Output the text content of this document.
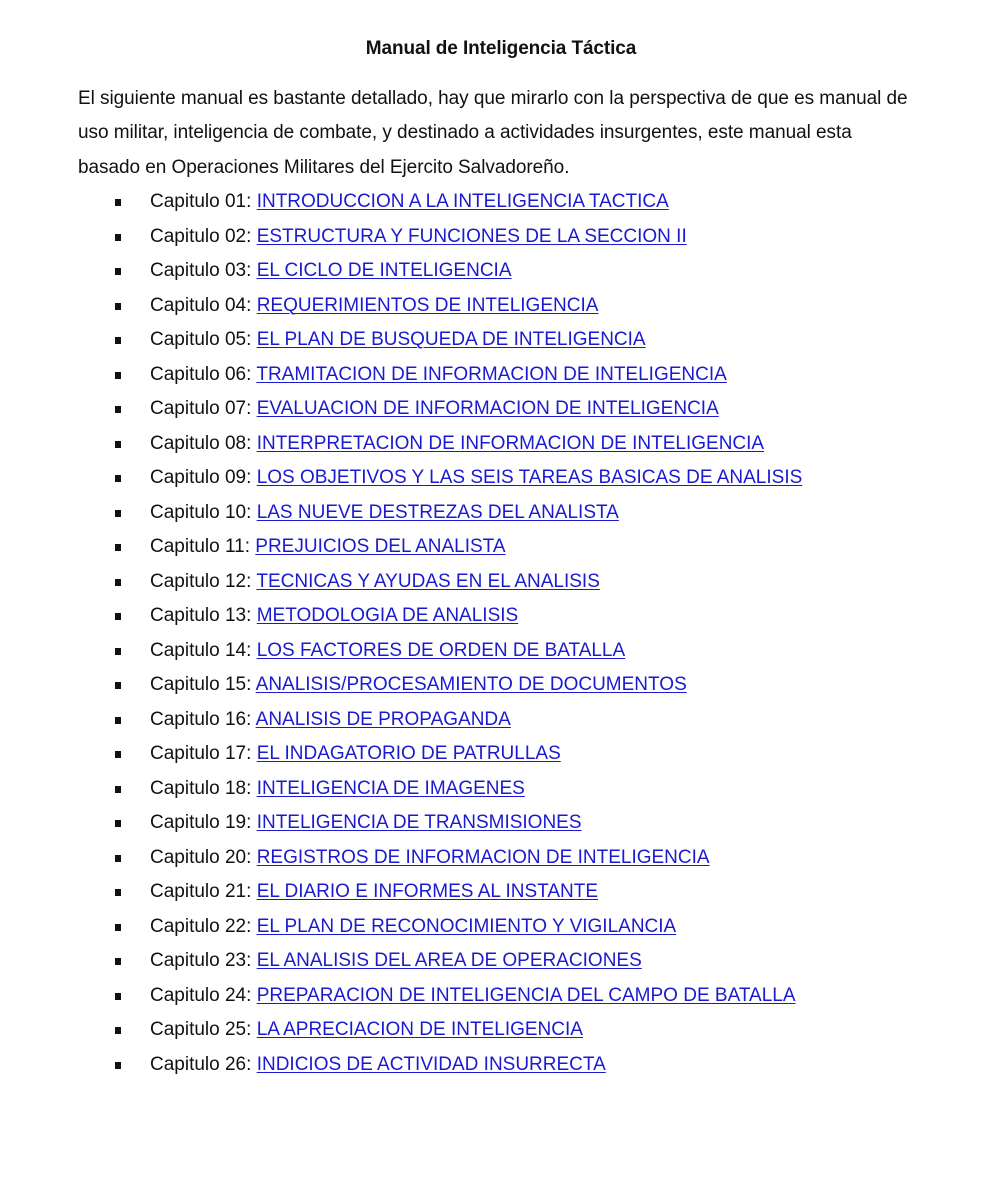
Manual de Inteligencia Táctica

El siguiente manual es bastante detallado, hay que mirarlo con la perspectiva de que es manual de uso militar, inteligencia de combate, y destinado a actividades insurgentes, este manual esta basado en Operaciones Militares del Ejercito Salvadoreño.

Capitulo 01: INTRODUCCION A LA INTELIGENCIA TACTICA
Capitulo 02: ESTRUCTURA Y FUNCIONES DE LA SECCION II
Capitulo 03: EL CICLO DE INTELIGENCIA
Capitulo 04: REQUERIMIENTOS DE INTELIGENCIA
Capitulo 05: EL PLAN DE BUSQUEDA DE INTELIGENCIA
Capitulo 06: TRAMITACION DE INFORMACION DE INTELIGENCIA
Capitulo 07: EVALUACION DE INFORMACION DE INTELIGENCIA
Capitulo 08: INTERPRETACION DE INFORMACION DE INTELIGENCIA
Capitulo 09: LOS OBJETIVOS Y LAS SEIS TAREAS BASICAS DE ANALISIS
Capitulo 10: LAS NUEVE DESTREZAS DEL ANALISTA
Capitulo 11: PREJUICIOS DEL ANALISTA
Capitulo 12: TECNICAS Y AYUDAS EN EL ANALISIS
Capitulo 13: METODOLOGIA DE ANALISIS
Capitulo 14: LOS FACTORES DE ORDEN DE BATALLA
Capitulo 15: ANALISIS/PROCESAMIENTO DE DOCUMENTOS
Capitulo 16: ANALISIS DE PROPAGANDA
Capitulo 17: EL INDAGATORIO DE PATRULLAS
Capitulo 18: INTELIGENCIA DE IMAGENES
Capitulo 19: INTELIGENCIA DE TRANSMISIONES
Capitulo 20: REGISTROS DE INFORMACION DE INTELIGENCIA
Capitulo 21: EL DIARIO E INFORMES AL INSTANTE
Capitulo 22: EL PLAN DE RECONOCIMIENTO Y VIGILANCIA
Capitulo 23: EL ANALISIS DEL AREA DE OPERACIONES
Capitulo 24: PREPARACION DE INTELIGENCIA DEL CAMPO DE BATALLA
Capitulo 25: LA APRECIACION DE INTELIGENCIA
Capitulo 26: INDICIOS DE ACTIVIDAD INSURRECTA
